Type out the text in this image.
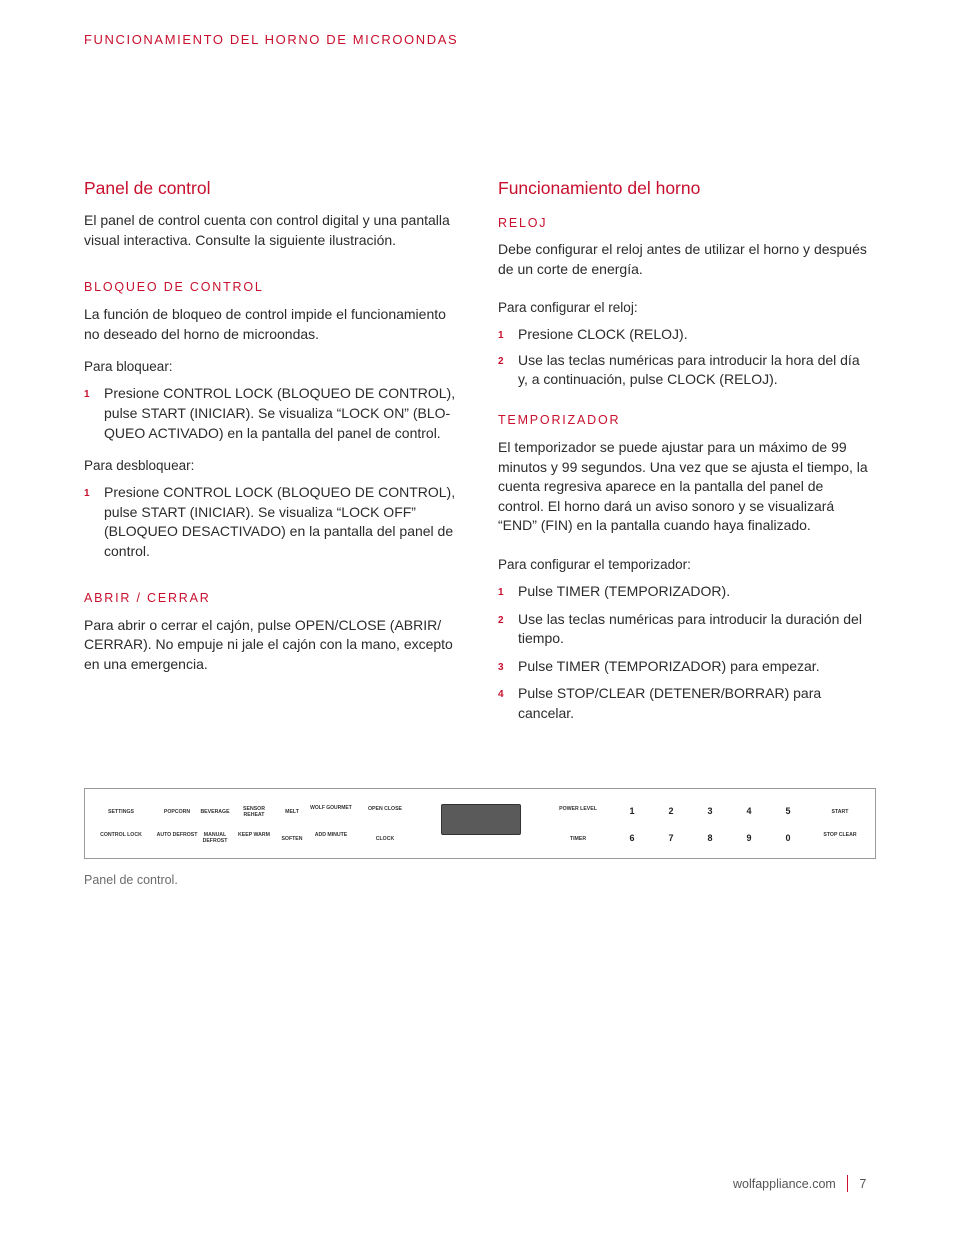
FUNCIONAMIENTO DEL HORNO DE MICROONDAS
Panel de control

El panel de control cuenta con control digital y una pantalla visual interactiva. Consulte la siguiente ilustración.

BLOQUEO DE CONTROL

La función de bloqueo de control impide el funcionamiento no deseado del horno de microondas.

Para bloquear:

1 Presione CONTROL LOCK (BLOQUEO DE CONTROL), pulse START (INICIAR). Se visualiza “LOCK ON” (BLO-QUEO ACTIVADO) en la pantalla del panel de control.

Para desbloquear:

1 Presione CONTROL LOCK (BLOQUEO DE CONTROL), pulse START (INICIAR). Se visualiza “LOCK OFF” (BLOQUEO DESACTIVADO) en la pantalla del panel de control.
ABRIR / CERRAR

Para abrir o cerrar el cajón, pulse OPEN/CLOSE (ABRIR/ CERRAR). No empuje ni jale el cajón con la mano, excepto en una emergencia.

Funcionamiento del horno
RELOJ

Debe configurar el reloj antes de utilizar el horno y después de un corte de energía.

Para configurar el reloj:

1 Presione CLOCK (RELOJ).
2 Use las teclas numéricas para introducir la hora del día y, a continuación, pulse CLOCK (RELOJ).
TEMPORIZADOR

El temporizador se puede ajustar para un máximo de 99 minutos y 99 segundos. Una vez que se ajusta el tiempo, la cuenta regresiva aparece en la pantalla del panel de control. El horno dará un aviso sonoro y se visualizará “END” (FIN) en la pantalla cuando haya finalizado.

Para configurar el temporizador:

1 Pulse TIMER (TEMPORIZADOR).
2 Use las teclas numéricas para introducir la duración del tiempo.
3 Pulse TIMER (TEMPORIZADOR) para empezar.
4 Pulse STOP/CLEAR (DETENER/BORRAR) para cancelar.
SETTINGS	POPCORN	BEVERAGE	SENSOR REHEAT	MELT
WOLF GOURMET	OPEN CLOSE	POWER LEVEL	START
CONTROL LOCK	AUTO DEFROST	MANUAL DEFROST
KEEP WARM
SOFTEN
ADD MINUTE
CLOCK	TIMER
STOP CLEAR
1	2	3	4	5
6	7	8	9	0
Panel de control.
wolfappliance.com 7
